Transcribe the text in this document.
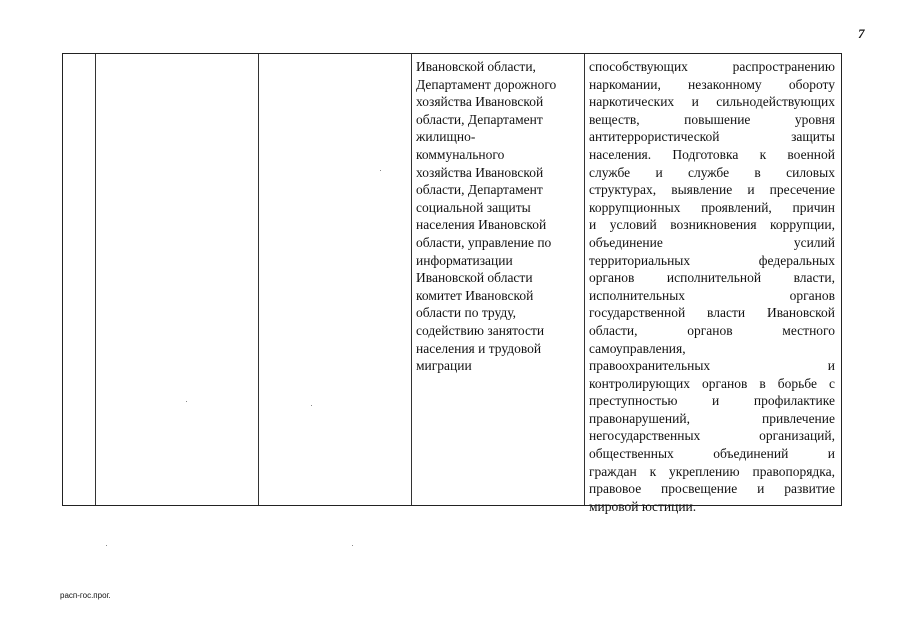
7
Ивановской области,
Департамент дорожного
хозяйства Ивановской
области, Департамент
жилищно-
коммунального
хозяйства Ивановской
области, Департамент
социальной защиты
населения Ивановской
области, управление по
информатизации
Ивановской области
комитет Ивановской
области по труду,
содействию занятости
населения и трудовой
миграции
способствующих распространению
наркомании, незаконному обороту
наркотических и сильнодействующих
веществ, повышение уровня
антитеррористической защиты
населения. Подготовка к военной
службе и службе в силовых
структурах, выявление и пресечение
коррупционных проявлений, причин
и условий возникновения коррупции,
объединение усилий
территориальных федеральных
органов исполнительной власти,
исполнительных органов
государственной власти Ивановской
области, органов местного
самоуправления,
правоохранительных и
контролирующих органов в борьбе с
преступностью и профилактике
правонарушений, привлечение
негосударственных организаций,
общественных объединений и
граждан к укреплению правопорядка,
правовое просвещение и развитие
мировой юстиции.
расп-гос.прог.
